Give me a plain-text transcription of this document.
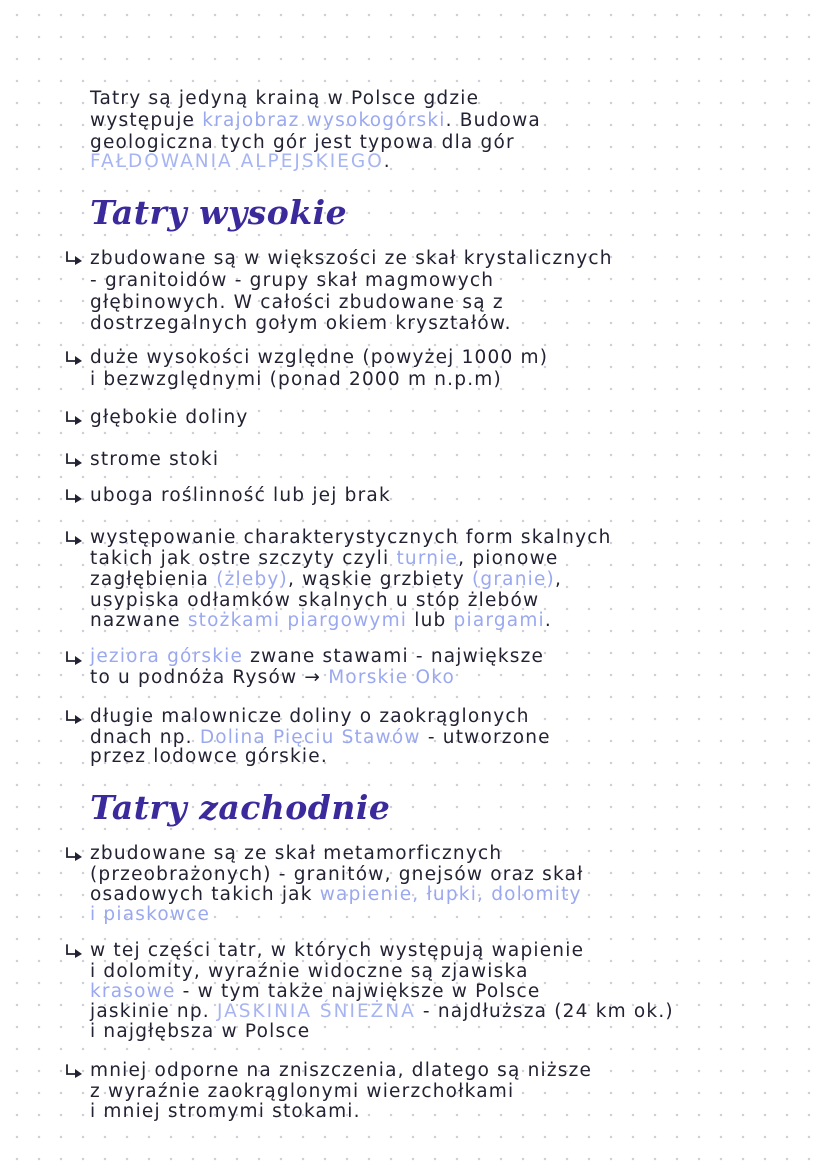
Tatry są jedyną krainą w Polsce gdzie
występuje krajobraz wysokogórski. Budowa
geologiczna tych gór jest typowa dla gór
FAŁDOWANIA ALPEJSKIEGO.
Tatry wysokie
zbudowane są w większości ze skał krystalicznych
- granitoidów - grupy skał magmowych
głębinowych. W całości zbudowane są z
dostrzegalnych gołym okiem kryształów.
duże wysokości względne (powyżej 1000 m)
i bezwzględnymi (ponad 2000 m n.p.m)
głębokie doliny
strome stoki
uboga roślinność lub jej brak
występowanie charakterystycznych form skalnych
takich jak ostre szczyty czyli turnie, pionowe
zagłębienia (żleby), wąskie grzbiety (granie),
usypiska odłamków skalnych u stóp żlebów
nazwane stożkami piargowymi lub piargami.
jeziora górskie zwane stawami - największe
to u podnóża Rysów → Morskie Oko
długie malownicze doliny o zaokrąglonych
dnach np. Dolina Pięciu Stawów - utworzone
przez lodowce górskie.
Tatry zachodnie
zbudowane są ze skał metamorficznych
(przeobrażonych) - granitów, gnejsów oraz skał
osadowych takich jak wapienie, łupki, dolomity
i piaskowce
w tej części tatr, w których występują wapienie
i dolomity, wyraźnie widoczne są zjawiska
krasowe - w tym także największe w Polsce
jaskinie np. JASKINIA ŚNIEŻNA - najdłuższa (24 km ok.)
i najgłębsza w Polsce
mniej odporne na zniszczenia, dlatego są niższe
z wyraźnie zaokrąglonymi wierzchołkami
i mniej stromymi stokami.
